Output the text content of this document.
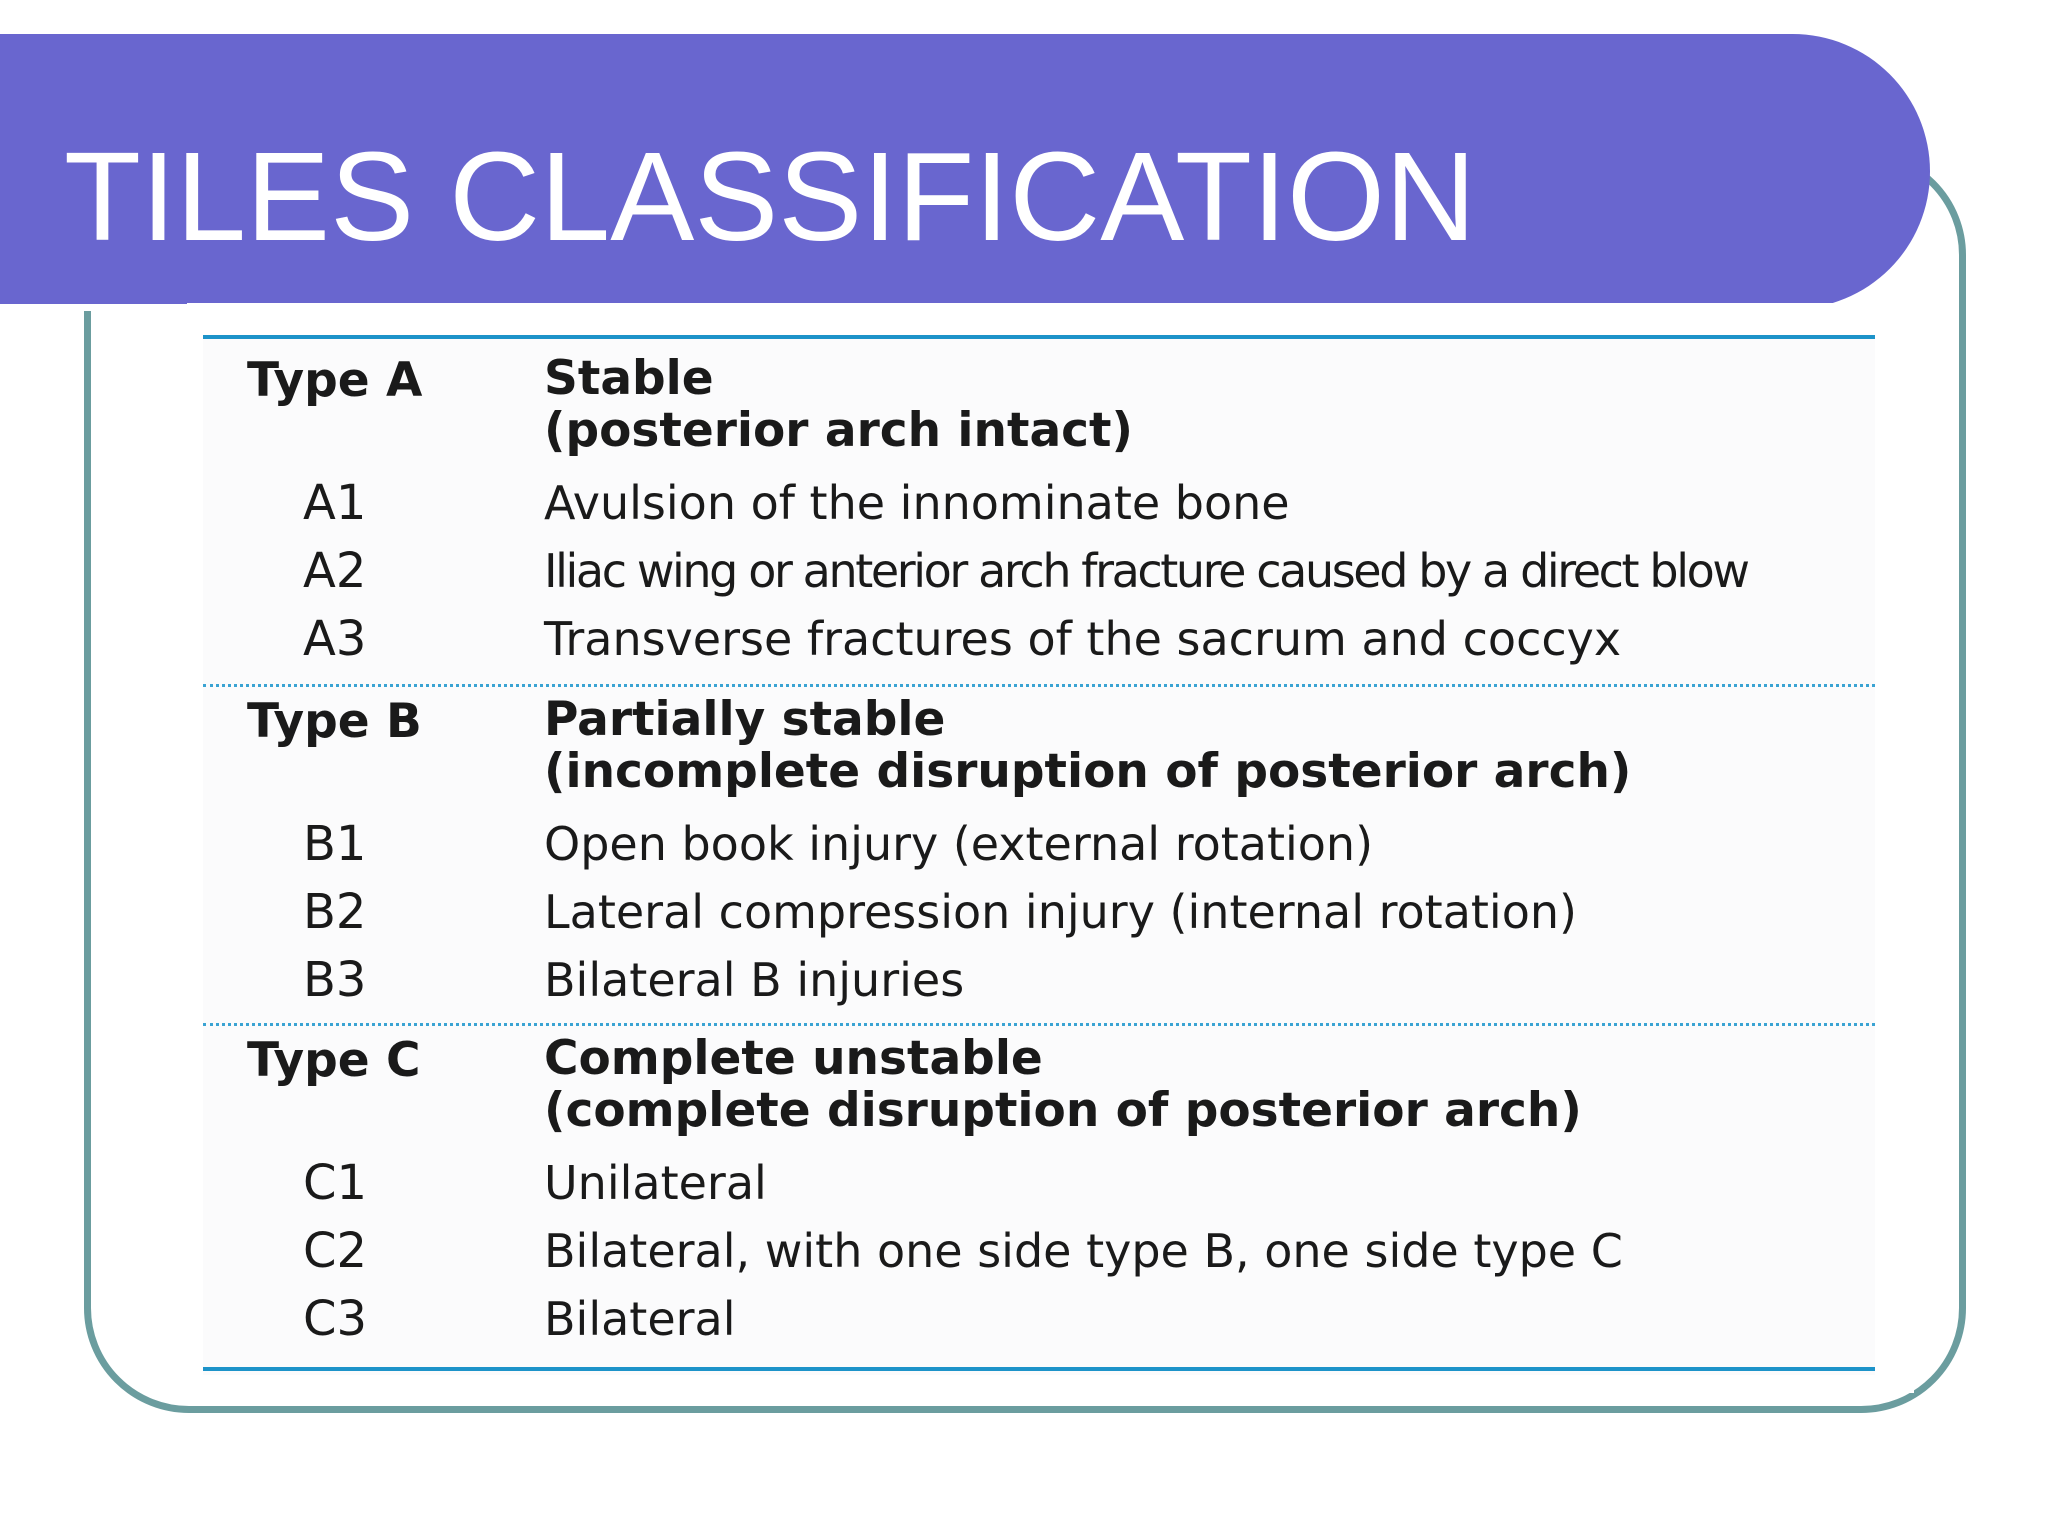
TILES CLASSIFICATION
Type A	Stable
(posterior arch intact)
A1	Avulsion of the innominate bone
A2	Iliac wing or anterior arch fracture caused by a direct blow
A3	Transverse fractures of the sacrum and coccyx
Type B	Partially stable
(incomplete disruption of posterior arch)
B1	Open book injury (external rotation)
B2	Lateral compression injury (internal rotation)
B3	Bilateral B injuries
Type C	Complete unstable
(complete disruption of posterior arch)
C1	Unilateral
C2	Bilateral, with one side type B, one side type C
C3	Bilateral
